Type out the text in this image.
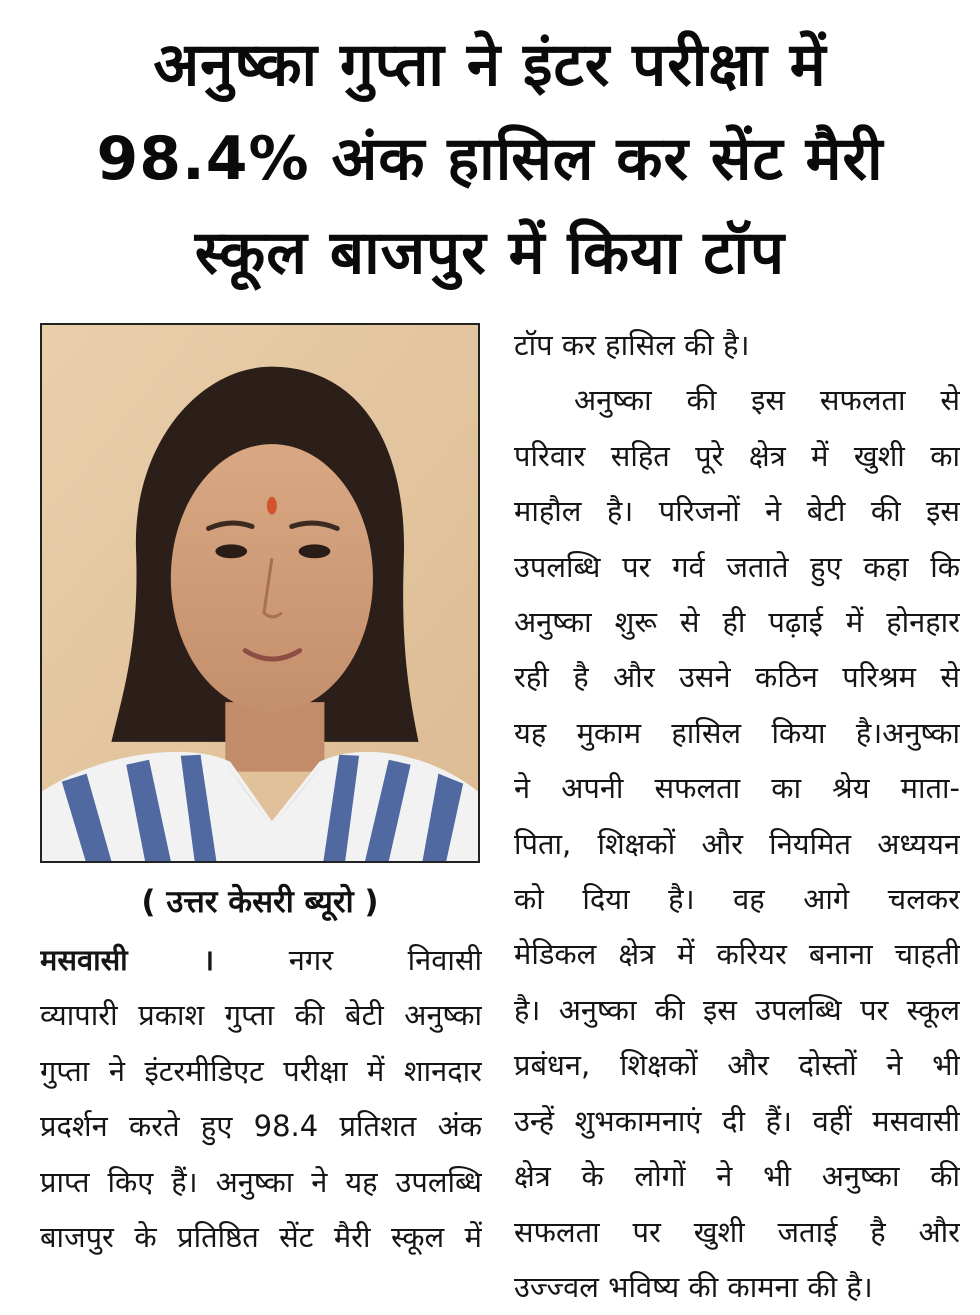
अनुष्का गुप्ता ने इंटर परीक्षा में
98.4% अंक हासिल कर सेंट मैरी
स्कूल बाजपुर में किया टॉप
( उत्तर केसरी ब्यूरो )

मसवासी ।	नगर निवासी
व्यापारी प्रकाश गुप्ता की बेटी अनुष्का
गुप्ता ने इंटरमीडिएट परीक्षा में शानदार
प्रदर्शन करते हुए 98.4 प्रतिशत अंक
प्राप्त किए हैं। अनुष्का ने यह उपलब्धि
बाजपुर के प्रतिष्ठित सेंट मैरी स्कूल में

टॉप कर हासिल की है।

अनुष्का की इस सफलता से
परिवार सहित पूरे क्षेत्र में खुशी का
माहौल है। परिजनों ने बेटी की इस
उपलब्धि पर गर्व जताते हुए कहा कि
अनुष्का शुरू से ही पढ़ाई में होनहार
रही है और उसने कठिन परिश्रम से
यह मुकाम हासिल किया है।अनुष्का
ने अपनी सफलता का श्रेय माता-
पिता, शिक्षकों और नियमित अध्ययन
को दिया है। वह आगे चलकर
मेडिकल क्षेत्र में करियर बनाना चाहती
है। अनुष्का की इस उपलब्धि पर स्कूल
प्रबंधन, शिक्षकों और दोस्तों ने भी
उन्हें शुभकामनाएं दी हैं। वहीं मसवासी
क्षेत्र के लोगों ने भी अनुष्का की
सफलता पर खुशी जताई है और
उज्ज्वल भविष्य की कामना की है।
